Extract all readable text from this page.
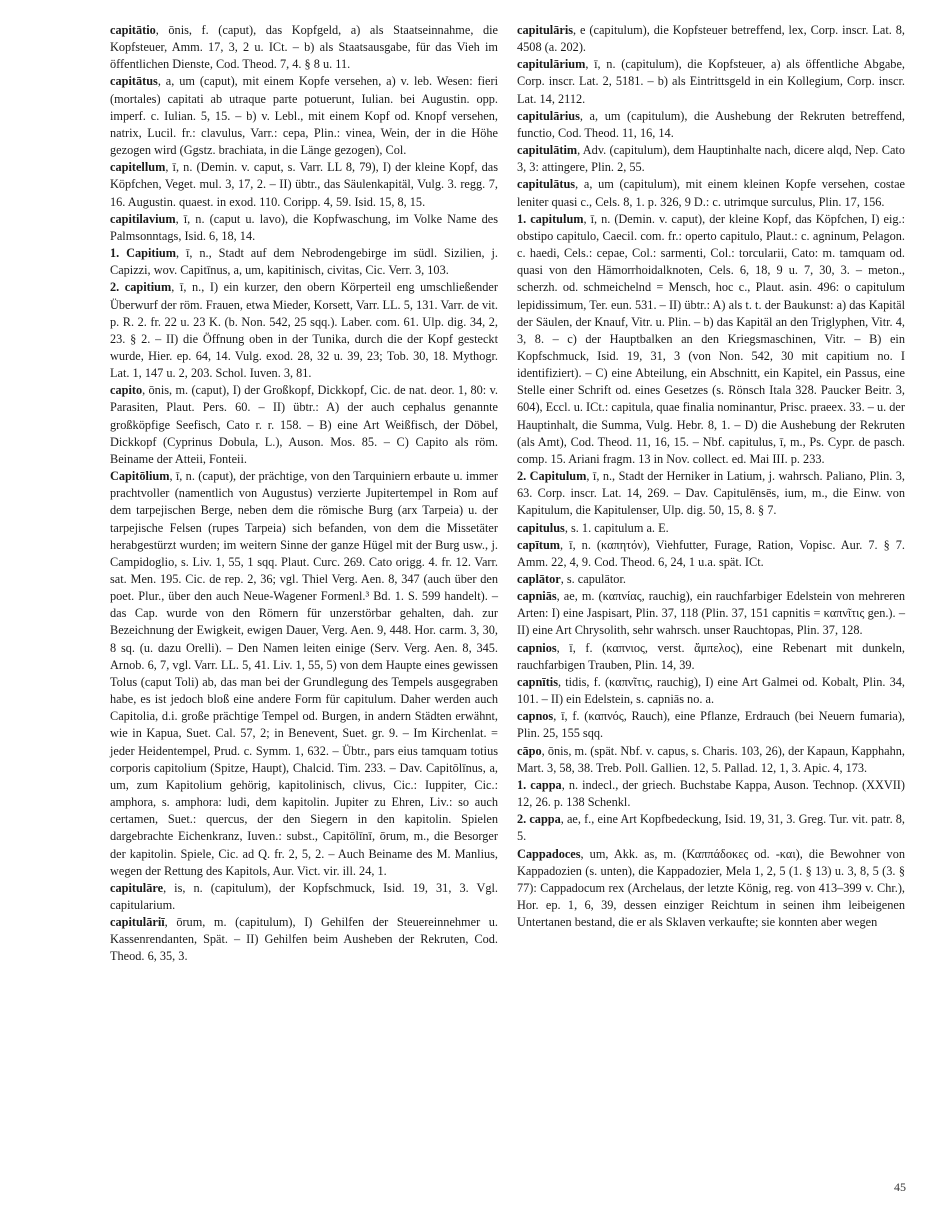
capitātio, ōnis, f. (caput), das Kopfgeld, a) als Staatseinnahme, die Kopfsteuer, Amm. 17, 3, 2 u. ICt. – b) als Staatsausgabe, für das Vieh im öffentlichen Dienste, Cod. Theod. 7, 4. § 8 u. 11.

capitātus, a, um (caput), mit einem Kopfe versehen, a) v. leb. Wesen: fieri (mortales) capitati ab utraque parte potuerunt, Iulian. bei Augustin. opp. imperf. c. Iulian. 5, 15. – b) v. Lebl., mit einem Kopf od. Knopf versehen, natrix, Lucil. fr.: clavulus, Varr.: cepa, Plin.: vinea, Wein, der in die Höhe gezogen wird (Ggstz. brachiata, in die Länge gezogen), Col.

capitellum, ī, n. (Demin. v. caput, s. Varr. LL 8, 79), I) der kleine Kopf, das Köpfchen, Veget. mul. 3, 17, 2. – II) übtr., das Säulenkapitäl, Vulg. 3. regg. 7, 16. Augustin. quaest. in exod. 110. Coripp. 4, 59. Isid. 15, 8, 15.

capitilavium, ī, n. (caput u. lavo), die Kopfwaschung, im Volke Name des Palmsonntags, Isid. 6, 18, 14.

1. Capitium, ī, n., Stadt auf dem Nebrodengebirge im südl. Sizilien, j. Capizzi, wov. Capitīnus, a, um, kapitinisch, civitas, Cic. Verr. 3, 103.

2. capitium, ī, n., I) ein kurzer, den obern Körperteil eng umschließender Überwurf der röm. Frauen, etwa Mieder, Korsett, Varr. LL. 5, 131. Varr. de vit. p. R. 2. fr. 22 u. 23 K. (b. Non. 542, 25 sqq.). Laber. com. 61. Ulp. dig. 34, 2, 23. § 2. – II) die Öffnung oben in der Tunika, durch die der Kopf gesteckt wurde, Hier. ep. 64, 14. Vulg. exod. 28, 32 u. 39, 23; Tob. 30, 18. Mythogr. Lat. 1, 147 u. 2, 203. Schol. Iuven. 3, 81.

capito, ōnis, m. (caput), I) der Großkopf, Dickkopf, Cic. de nat. deor. 1, 80: v. Parasiten, Plaut. Pers. 60. – II) übtr.: A) der auch cephalus genannte großköpfige Seefisch, Cato r. r. 158. – B) eine Art Weißfisch, der Döbel, Dickkopf (Cyprinus Dobula, L.), Auson. Mos. 85. – C) Capito als röm. Beiname der Atteii, Fonteii.

Capitōlium, ī, n. (caput), der prächtige, von den Tarquiniern erbaute u. immer prachtvoller (namentlich von Augustus) verzierte Jupitertempel in Rom auf dem tarpejischen Berge, neben dem die römische Burg (arx Tarpeia) u. der tarpejische Felsen (rupes Tarpeia) sich befanden, von dem die Missetäter herabgestürzt wurden; im weitern Sinne der ganze Hügel mit der Burg usw., j. Campidoglio, s. Liv. 1, 55, 1 sqq. Plaut. Curc. 269. Cato origg. 4. fr. 12. Varr. sat. Men. 195. Cic. de rep. 2, 36; vgl. Thiel Verg. Aen. 8, 347 (auch über den poet. Plur., über den auch Neue-Wagener Formenl.³ Bd. 1. S. 599 handelt). – das Cap. wurde von den Römern für unzerstörbar gehalten, dah. zur Bezeichnung der Ewigkeit, ewigen Dauer, Verg. Aen. 9, 448. Hor. carm. 3, 30, 8 sq. (u. dazu Orelli). – Den Namen leiten einige (Serv. Verg. Aen. 8, 345. Arnob. 6, 7, vgl. Varr. LL. 5, 41. Liv. 1, 55, 5) von dem Haupte eines gewissen Tolus (caput Toli) ab, das man bei der Grundlegung des Tempels ausgegraben habe, es ist jedoch bloß eine andere Form für capitulum. Daher werden auch Capitolia, d.i. große prächtige Tempel od. Burgen, in andern Städten erwähnt, wie in Kapua, Suet. Cal. 57, 2; in Benevent, Suet. gr. 9. – Im Kirchenlat. = jeder Heidentempel, Prud. c. Symm. 1, 632. – Übtr., pars eius tamquam totius corporis capitolium (Spitze, Haupt), Chalcid. Tim. 233. – Dav. Capitōlīnus, a, um, zum Kapitolium gehörig, kapitolinisch, clivus, Cic.: Iuppiter, Cic.: amphora, s. amphora: ludi, dem kapitolin. Jupiter zu Ehren, Liv.: so auch certamen, Suet.: quercus, der den Siegern in den kapitolin. Spielen dargebrachte Eichenkranz, Iuven.: subst., Capitōlīnī, ōrum, m., die Besorger der kapitolin. Spiele, Cic. ad Q. fr. 2, 5, 2. – Auch Beiname des M. Manlius, wegen der Rettung des Kapitols, Aur. Vict. vir. ill. 24, 1.

capitulāre, is, n. (capitulum), der Kopfschmuck, Isid. 19, 31, 3. Vgl. capitularium.

capitulāriī, ōrum, m. (capitulum), I) Gehilfen der Steuereinnehmer u. Kassenrendanten, Spät. – II) Gehilfen beim Ausheben der Rekruten, Cod. Theod. 6, 35, 3.

capitulāris, e (capitulum), die Kopfsteuer betreffend, lex, Corp. inscr. Lat. 8, 4508 (a. 202).

capitulārium, ī, n. (capitulum), die Kopfsteuer, a) als öffentliche Abgabe, Corp. inscr. Lat. 2, 5181. – b) als Eintrittsgeld in ein Kollegium, Corp. inscr. Lat. 14, 2112.

capitulārius, a, um (capitulum), die Aushebung der Rekruten betreffend, functio, Cod. Theod. 11, 16, 14.

capitulātim, Adv. (capitulum), dem Hauptinhalte nach, dicere alqd, Nep. Cato 3, 3: attingere, Plin. 2, 55.

capitulātus, a, um (capitulum), mit einem kleinen Kopfe versehen, costae leniter quasi c., Cels. 8, 1. p. 326, 9 D.: c. utrimque surculus, Plin. 17, 156.

1. capitulum, ī, n. (Demin. v. caput), der kleine Kopf, das Köpfchen, I) eig.: obstipo capitulo, Caecil. com. fr.: operto capitulo, Plaut.: c. agninum, Pelagon. c. haedi, Cels.: cepae, Col.: sarmenti, Col.: torcularii, Cato: m. tamquam od. quasi von den Hämorrhoidalknoten, Cels. 6, 18, 9 u. 7, 30, 3. – meton., scherzh. od. schmeichelnd = Mensch, hoc c., Plaut. asin. 496: o capitulum lepidissimum, Ter. eun. 531. – II) übtr.: A) als t. t. der Baukunst: a) das Kapitäl der Säulen, der Knauf, Vitr. u. Plin. – b) das Kapitäl an den Triglyphen, Vitr. 4, 3, 8. – c) der Hauptbalken an den Kriegsmaschinen, Vitr. – B) ein Kopfschmuck, Isid. 19, 31, 3 (von Non. 542, 30 mit capitium no. I identifiziert). – C) eine Abteilung, ein Abschnitt, ein Kapitel, ein Passus, eine Stelle einer Schrift od. eines Gesetzes (s. Rönsch Itala 328. Paucker Beitr. 3, 604), Eccl. u. ICt.: capitula, quae finalia nominantur, Prisc. praeex. 33. – u. der Hauptinhalt, die Summa, Vulg. Hebr. 8, 1. – D) die Aushebung der Rekruten (als Amt), Cod. Theod. 11, 16, 15. – Nbf. capitulus, ī, m., Ps. Cypr. de pasch. comp. 15. Ariani fragm. 13 in Nov. collect. ed. Mai III. p. 233.

2. Capitulum, ī, n., Stadt der Herniker in Latium, j. wahrsch. Paliano, Plin. 3, 63. Corp. inscr. Lat. 14, 269. – Dav. Capitulēnsēs, ium, m., die Einw. von Kapitulum, die Kapitulenser, Ulp. dig. 50, 15, 8. § 7.

capitulus, s. 1. capitulum a. E.

capītum, ī, n. (καπητόν), Viehfutter, Furage, Ration, Vopisc. Aur. 7. § 7. Amm. 22, 4, 9. Cod. Theod. 6, 24, 1 u.a. spät. ICt.

caplātor, s. capulātor.

capniās, ae, m. (καπνίας, rauchig), ein rauchfarbiger Edelstein von mehreren Arten: I) eine Jaspisart, Plin. 37, 118 (Plin. 37, 151 capnitis = καπνῖτις gen.). – II) eine Art Chrysolith, sehr wahrsch. unser Rauchtopas, Plin. 37, 128.

capnios, ī, f. (καπνιος, verst. ἄμπελος), eine Rebenart mit dunkeln, rauchfarbigen Trauben, Plin. 14, 39.

capnītis, tidis, f. (καπνῖτις, rauchig), I) eine Art Galmei od. Kobalt, Plin. 34, 101. – II) ein Edelstein, s. capniās no. a.

capnos, ī, f. (καπνός, Rauch), eine Pflanze, Erdrauch (bei Neuern fumaria), Plin. 25, 155 sqq.

cāpo, ōnis, m. (spät. Nbf. v. capus, s. Charis. 103, 26), der Kapaun, Kapphahn, Mart. 3, 58, 38. Treb. Poll. Gallien. 12, 5. Pallad. 12, 1, 3. Apic. 4, 173.

1. cappa, n. indecl., der griech. Buchstabe Kappa, Auson. Technop. (XXVII) 12, 26. p. 138 Schenkl.

2. cappa, ae, f., eine Art Kopfbedeckung, Isid. 19, 31, 3. Greg. Tur. vit. patr. 8, 5.

Cappadoces, um, Akk. as, m. (Καππάδοκες od. -και), die Bewohner von Kappadozien (s. unten), die Kappadozier, Mela 1, 2, 5 (1. § 13) u. 3, 8, 5 (3. § 77): Cappadocum rex (Archelaus, der letzte König, reg. von 413–399 v. Chr.), Hor. ep. 1, 6, 39, dessen einziger Reichtum in seinen ihm leibeigenen Untertanen bestand, die er als Sklaven verkaufte; sie konnten aber wegen

45
